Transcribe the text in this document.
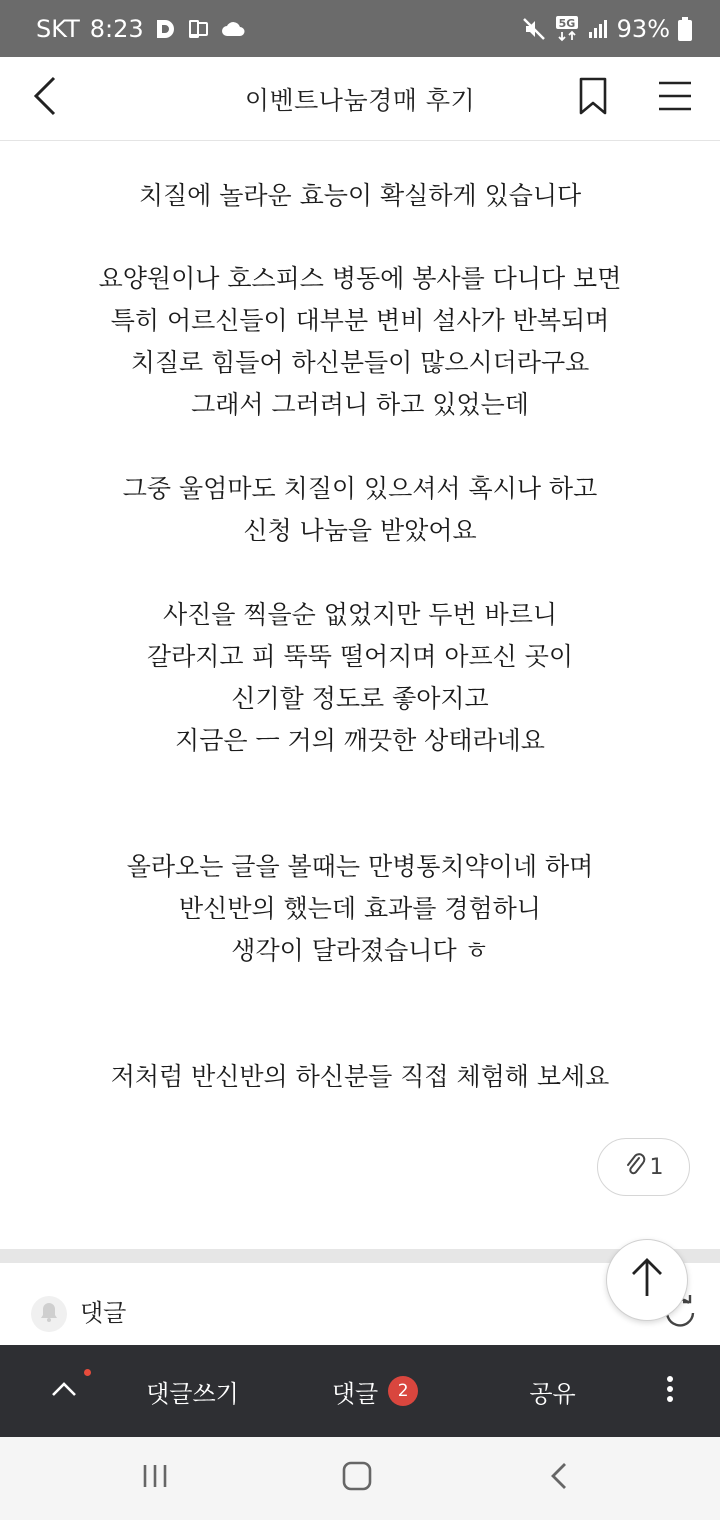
SKT 8:23	5G 93%
이벤트나눔경매 후기
치질에 놀라운 효능이 확실하게 있습니다
요양원이나 호스피스 병동에 봉사를 다니다 보면
특히 어르신들이 대부분 변비 설사가 반복되며
치질로 힘들어 하신분들이 많으시더라구요
그래서 그러려니 하고 있었는데
그중 울엄마도 치질이 있으셔서 혹시나 하고
신청 나눔을 받았어요
사진을 찍을순 없었지만 두번 바르니
갈라지고 피 뚝뚝 떨어지며 아프신 곳이
신기할 정도로 좋아지고
지금은 ㅡ 거의 깨끗한 상태라네요
올라오는 글을 볼때는 만병통치약이네 하며
반신반의 했는데 효과를 경험하니
생각이 달라졌습니다 ㅎ
저처럼 반신반의 하신분들 직접 체험해 보세요
1
댓글
댓글쓰기	댓글	2	공유
